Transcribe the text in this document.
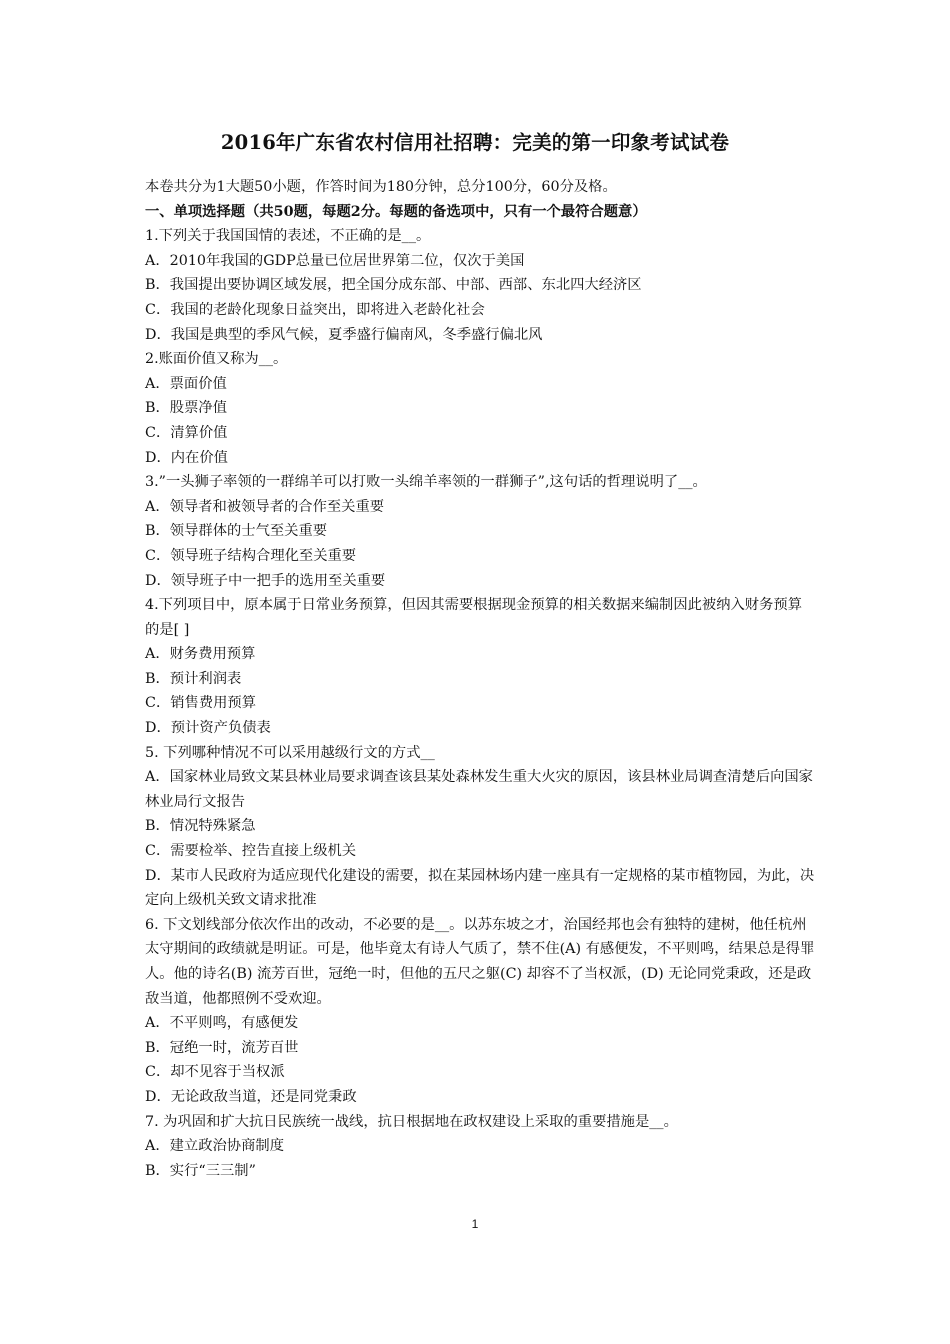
2016年广东省农村信用社招聘：完美的第一印象考试试卷

本卷共分为1大题50小题，作答时间为180分钟，总分100分，60分及格。

一、单项选择题（共50题，每题2分。每题的备选项中，只有一个最符合题意）

1.下列关于我国国情的表述，不正确的是__。

A．2010年我国的GDP总量已位居世界第二位，仅次于美国

B．我国提出要协调区域发展，把全国分成东部、中部、西部、东北四大经济区

C．我国的老龄化现象日益突出，即将进入老龄化社会

D．我国是典型的季风气候，夏季盛行偏南风，冬季盛行偏北风

2.账面价值又称为__。

A．票面价值

B．股票净值

C．清算价值

D．内在价值

3.”一头狮子率领的一群绵羊可以打败一头绵羊率领的一群狮子”,这句话的哲理说明了__。

A．领导者和被领导者的合作至关重要

B．领导群体的士气至关重要

C．领导班子结构合理化至关重要

D．领导班子中一把手的选用至关重要

4.下列项目中，原本属于日常业务预算，但因其需要根据现金预算的相关数据来编制因此被纳入财务预算的是[ ]

A．财务费用预算

B．预计利润表

C．销售费用预算

D．预计资产负债表

5. 下列哪种情况不可以采用越级行文的方式__

A．国家林业局致文某县林业局要求调查该县某处森林发生重大火灾的原因，该县林业局调查清楚后向国家林业局行文报告

B．情况特殊紧急

C．需要检举、控告直接上级机关

D．某市人民政府为适应现代化建设的需要，拟在某园林场内建一座具有一定规格的某市植物园，为此，决定向上级机关致文请求批准

6. 下文划线部分依次作出的改动，不必要的是__。以苏东坡之才，治国经邦也会有独特的建树，他任杭州太守期间的政绩就是明证。可是，他毕竟太有诗人气质了，禁不住(A) 有感便发，不平则鸣，结果总是得罪人。他的诗名(B) 流芳百世，冠绝一时，但他的五尺之躯(C) 却容不了当权派，(D) 无论同党秉政，还是政敌当道，他都照例不受欢迎。

A．不平则鸣，有感便发

B．冠绝一时，流芳百世

C．却不见容于当权派

D．无论政敌当道，还是同党秉政

7. 为巩固和扩大抗日民族统一战线，抗日根据地在政权建设上采取的重要措施是__。

A．建立政治协商制度

B．实行“三三制”

1
